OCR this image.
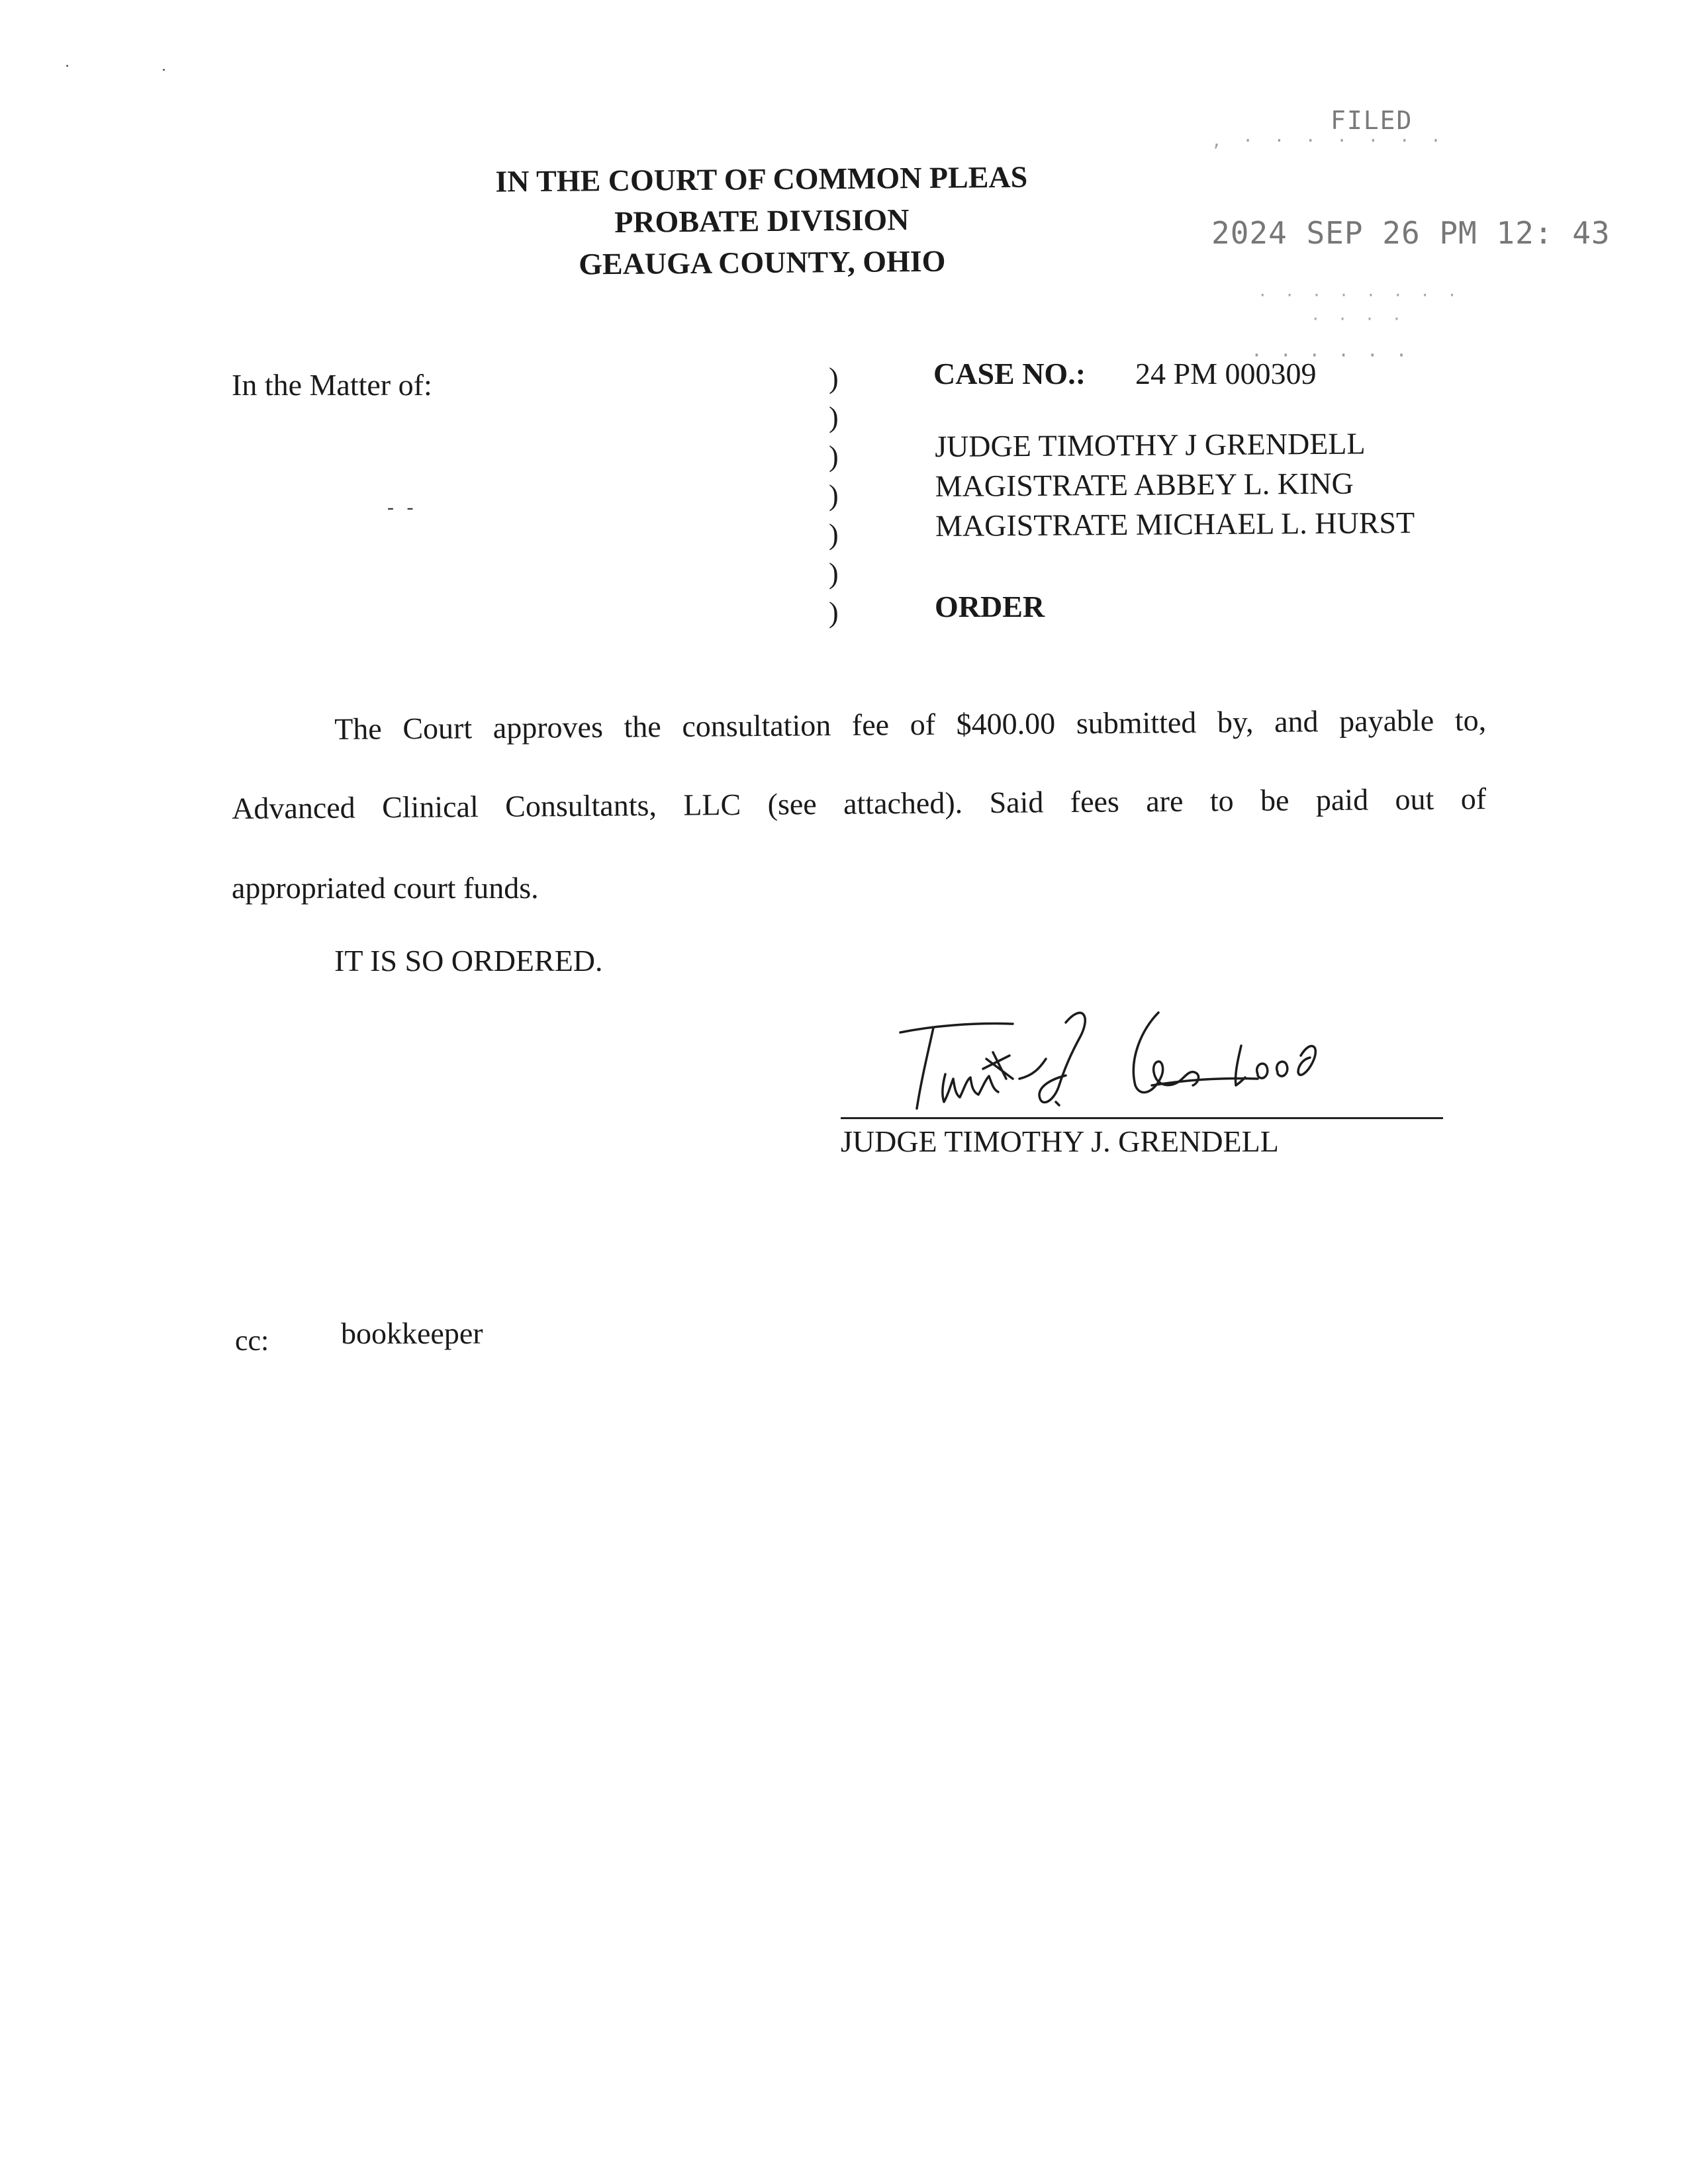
IN THE COURT OF COMMON PLEAS
PROBATE DIVISION
GEAUGA COUNTY, OHIO
FILED
2024 SEP 26 PM 12: 43
, · · · · · · ·
· · · · · · · ·
· · · ·
· · · · · ·
In the Matter of:
- -
)
)
)
)
)
)
)
CASE NO.: 24 PM 000309
JUDGE TIMOTHY J GRENDELL
MAGISTRATE ABBEY L. KING
MAGISTRATE MICHAEL L. HURST
ORDER
The Court approves the consultation fee of $400.00 submitted by, and payable to,
Advanced Clinical Consultants, LLC (see attached). Said fees are to be paid out of
appropriated court funds.
IT IS SO ORDERED.
JUDGE TIMOTHY J. GRENDELL
cc: bookkeeper
